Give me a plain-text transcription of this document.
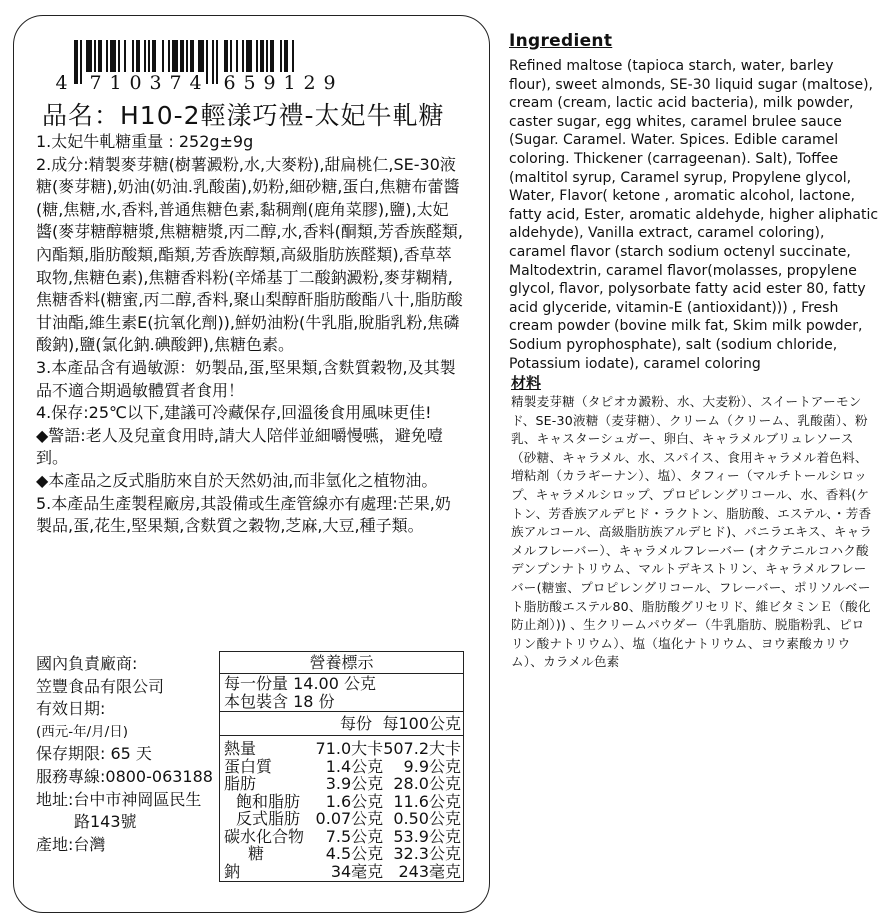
4 7 1 0 3 7 4 6 5 9 1 2 9
品名：H10-2輕漾巧禮-太妃牛軋糖

1.太妃牛軋糖重量 : 252g±9g

2.成分:精製麥芽糖(樹薯澱粉,水,大麥粉),甜扁桃仁,SE-30液糖(麥芽糖),奶油(奶油.乳酸菌),奶粉,細砂糖,蛋白,焦糖布蕾醬(糖,焦糖,水,香料,普通焦糖色素,黏稠劑(鹿角菜膠),鹽),太妃醬(麥芽糖醇糖漿,焦糖糖漿,丙二醇,水,香料(酮類,芳香族醛類,內酯類,脂肪酸類,酯類,芳香族醇類,高級脂肪族醛類),香草萃取物,焦糖色素),焦糖香料粉(辛烯基丁二酸鈉澱粉,麥芽糊精,焦糖香料(糖蜜,丙二醇,香料,聚山梨醇酐脂肪酸酯八十,脂肪酸甘油酯,維生素E(抗氧化劑)),鮮奶油粉(牛乳脂,脫脂乳粉,焦磷酸鈉),鹽(氯化鈉.碘酸鉀),焦糖色素。

3.本產品含有過敏源：奶製品,蛋,堅果類,含麩質穀物,及其製品不適合期過敏體質者食用！

4.保存:25℃以下,建議可冷藏保存,回溫後食用風味更佳!

◆警語:老人及兒童食用時,請大人陪伴並細嚼慢嚥，避免噎到。

◆本產品之反式脂肪來自於天然奶油,而非氫化之植物油。

5.本產品生產製程廠房,其設備或生產管線亦有處理:芒果,奶製品,蛋,花生,堅果類,含麩質之穀物,芝麻,大豆,種子類。

國內負責廠商:
笠豐食品有限公司
有效日期:
(西元-年/月/日)
保存期限: 65 天
服務專線:0800-063188
地址:台中市神岡區民生
路143號
產地:台灣
營養標示
每一份量 14.00 公克
本包裝含 18 份
每份 每100公克
熱量	71.0大卡	507.2大卡
蛋白質	1.4公克	9.9公克
脂肪	3.9公克	28.0公克
飽和脂肪	1.6公克	11.6公克
反式脂肪	0.07公克	0.50公克
碳水化合物	7.5公克	53.9公克
糖	4.5公克	32.3公克
鈉	34毫克	243毫克
Ingredient
Refined maltose (tapioca starch, water, barley flour), sweet almonds, SE-30 liquid sugar (maltose), cream (cream, lactic acid bacteria), milk powder, caster sugar, egg whites, caramel brulee sauce (Sugar. Caramel. Water. Spices. Edible caramel coloring. Thickener (carrageenan). Salt), Toffee (maltitol syrup, Caramel syrup, Propylene glycol, Water, Flavor( ketone , aromatic alcohol, lactone, fatty acid, Ester, aromatic aldehyde, higher aliphatic aldehyde), Vanilla extract, caramel coloring), caramel flavor (starch sodium octenyl succinate, Maltodextrin, caramel flavor(molasses, propylene glycol, flavor, polysorbate fatty acid ester 80, fatty acid glyceride, vitamin-E (antioxidant))) , Fresh cream powder (bovine milk fat, Skim milk powder, Sodium pyrophosphate), salt (sodium chloride, Potassium iodate), caramel coloring
材料
精製麦芽糖（タピオカ澱粉、水、大麦粉）、スイートアーモンド、SE-30液糖（麦芽糖）、クリーム（クリーム、乳酸菌）、粉乳、キャスターシュガー、卵白、キャラメルブリュレソース（砂糖、キャラメル、水、スパイス、食用キャラメル着色料、増粘剤（カラギーナン）、塩）、タフィー（マルチトールシロップ、キャラメルシロップ、プロピレングリコール、水、香料(ケトン、芳香族アルデヒド・ラクトン、脂肪酸、エステル、・芳香族アルコール、高級脂肪族アルデヒド)、バニラエキス、キャラメルフレーバー）、キャラメルフレーバー (オクテニルコハク酸デンプンナトリウム、マルトデキストリン、キャラメルフレーバー(糖蜜、プロピレングリコール、フレーバー、ポリソルベート脂肪酸エステル80、脂肪酸グリセリド、維ビタミンＥ（酸化防止剤）)) 、生クリームパウダー（牛乳脂肪、脱脂粉乳、ピロリン酸ナトリウム）、塩（塩化ナトリウム、ヨウ素酸カリウム）、カラメル色素
